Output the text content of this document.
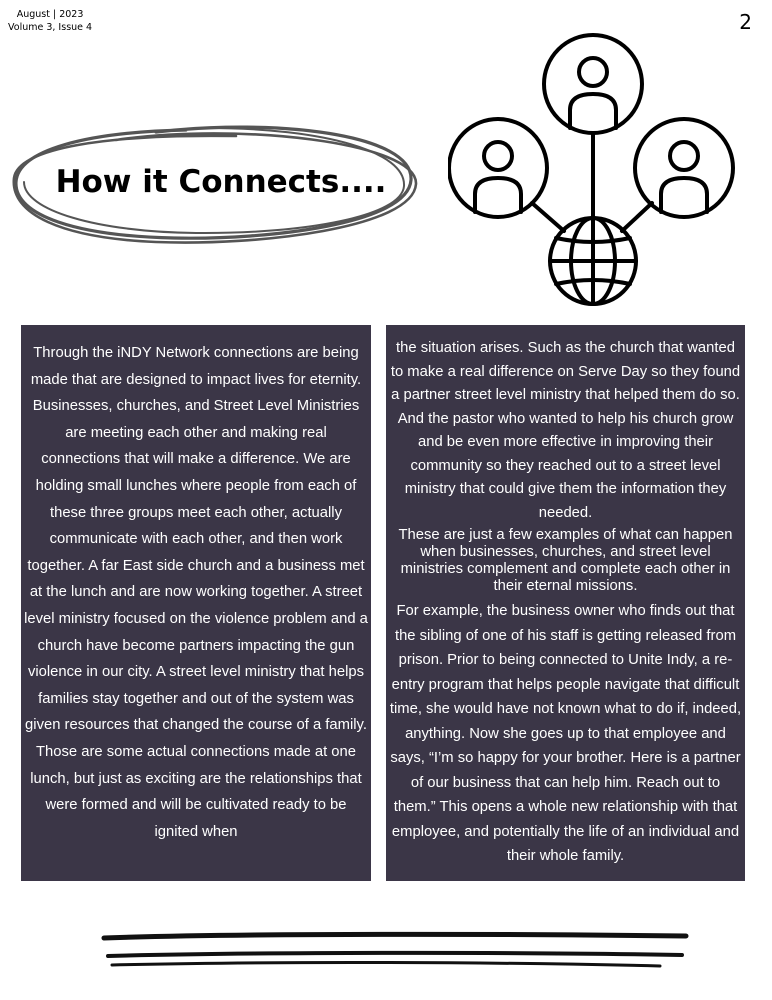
August | 2023
Volume 3, Issue 4	2
How it Connects....
Through the iNDY Network connections are being made that are designed to impact lives for eternity. Businesses, churches, and Street Level Ministries are meeting each other and making real connections that will make a difference. We are holding small lunches where people from each of these three groups meet each other, actually communicate with each other, and then work together. A far East side church and a business met at the lunch and are now working together. A street level ministry focused on the violence problem and a church have become partners impacting the gun violence in our city. A street level ministry that helps families stay together and out of the system was given resources that changed the course of a family. Those are some actual connections made at one lunch, but just as exciting are the relationships that were formed and will be cultivated ready to be ignited when

the situation arises. Such as the church that wanted to make a real difference on Serve Day so they found a partner street level ministry that helped them do so. And the pastor who wanted to help his church grow and be even more effective in improving their community so they reached out to a street level ministry that could give them the information they needed.

These are just a few examples of what can happen when businesses, churches, and street level ministries complement and complete each other in their eternal missions.

For example, the business owner who finds out that the sibling of one of his staff is getting released from prison. Prior to being connected to Unite Indy, a re-entry program that helps people navigate that difficult time, she would have not known what to do if, indeed, anything. Now she goes up to that employee and says, “I’m so happy for your brother. Here is a partner of our business that can help him. Reach out to them.” This opens a whole new relationship with that employee, and potentially the life of an individual and their whole family.
